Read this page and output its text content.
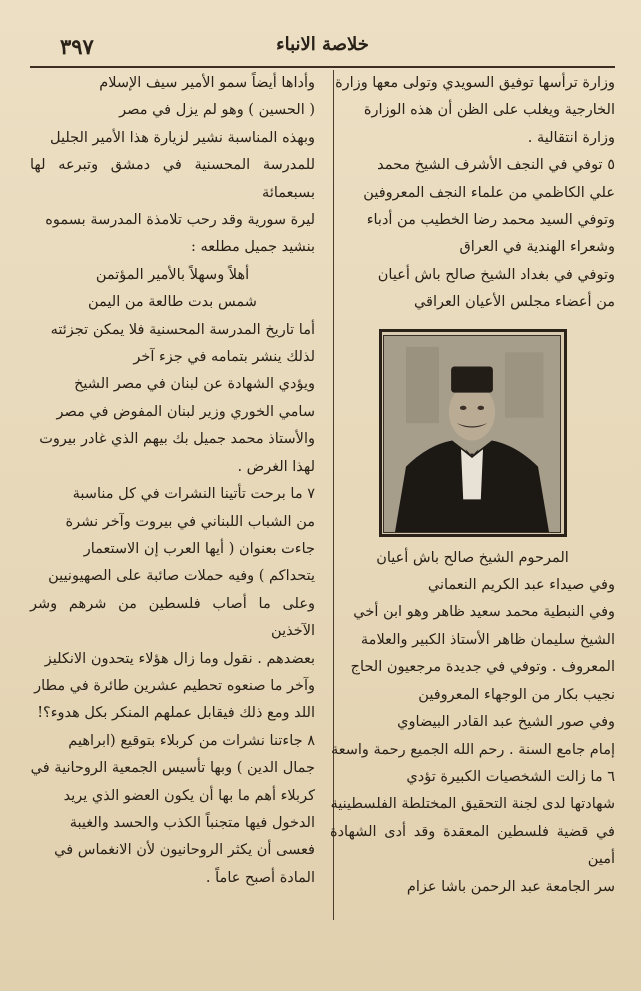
٣٩٧	خلاصة الانباء

وزارة ترأسها توفيق السويدي وتولى معها وزارة

الخارجية ويغلب على الظن أن هذه الوزارة

وزارة انتقالية .

٥ توفي في النجف الأشرف الشيخ محمد

علي الكاظمي من علماء النجف المعروفين

وتوفي السيد محمد رضا الخطيب من أدباء

وشعراء الهندية في العراق

وتوفي في بغداد الشيخ صالح باش أعيان

من أعضاء مجلس الأعيان العراقي

المرحوم الشيخ صالح باش أعيان

وفي صيداء عبد الكريم النعماني

وفي النبطية محمد سعيد ظاهر وهو ابن أخي

الشيخ سليمان ظاهر الأستاذ الكبير والعلامة

المعروف . وتوفي في جديدة مرجعيون الحاج

نجيب بكار من الوجهاء المعروفين

وفي صور الشيخ عبد القادر البيضاوي

إمام جامع السنة . رحم الله الجميع رحمة واسعة

٦ ما زالت الشخصيات الكبيرة تؤدي

شهادتها لدى لجنة التحقيق المختلطة الفلسطينية

في قضية فلسطين المعقدة وقد أدى الشهادة أمين

سر الجامعة عبد الرحمن باشا عزام

وأداها أيضاً سمو الأمير سيف الإسلام

( الحسين ) وهو لم يزل في مصر

وبهذه المناسبة نشير لزيارة هذا الأمير الجليل

للمدرسة المحسنية في دمشق وتبرعه لها بسبعمائة

ليرة سورية وقد رحب تلامذة المدرسة بسموه

بنشيد جميل مطلعه :

أهلاً وسهلاً بالأمير المؤتمن

شمس بدت طالعة من اليمن

أما تاريخ المدرسة المحسنية فلا يمكن تجزئته

لذلك ينشر بتمامه في جزء آخر

ويؤدي الشهادة عن لبنان في مصر الشيخ

سامي الخوري وزير لبنان المفوض في مصر

والأستاذ محمد جميل بك بيهم الذي غادر بيروت

لهذا الغرض .

٧ ما برحت تأتينا النشرات في كل مناسبة

من الشباب اللبناني في بيروت وآخر نشرة

جاءت بعنوان ( أيها العرب إن الاستعمار

يتحداكم ) وفيه حملات صائبة على الصهيونيين

وعلى ما أصاب فلسطين من شرهم وشر الآخذين

بعضدهم . نقول وما زال هؤلاء يتحدون الانكليز

وآخر ما صنعوه تحطيم عشرين طائرة في مطار

اللد ومع ذلك فيقابل عملهم المنكر بكل هدوء؟!

٨ جاءتنا نشرات من كربلاء بتوقيع (ابراهيم

جمال الدين ) وبها تأسيس الجمعية الروحانية في

كربلاء أهم ما بها أن يكون العضو الذي يريد

الدخول فيها متجنباً الكذب والحسد والغيبة

فعسى أن يكثر الروحانيون لأن الانغماس في

المادة أصبح عاماً .
